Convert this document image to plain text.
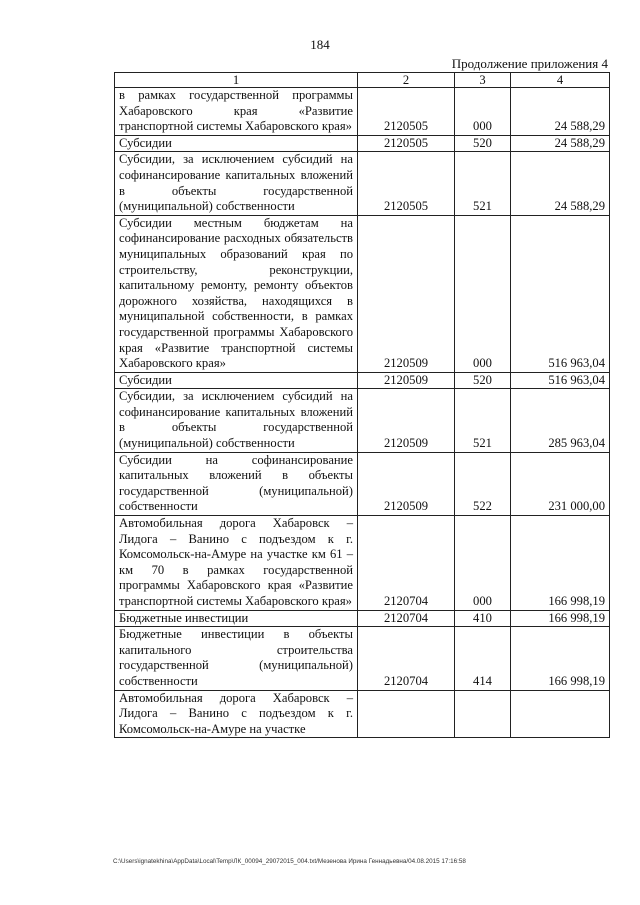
184
Продолжение приложения 4
1	2	3	4
в рамках государственной программы Хабаровского края «Развитие транспортной системы Хабаровского края»	2120505	000	24 588,29
Субсидии	2120505	520	24 588,29
Субсидии, за исключением субсидий на софинансирование капитальных вложений в объекты государственной (муниципальной) собственности	2120505	521	24 588,29
Субсидии местным бюджетам на софинансирование расходных обязательств муниципальных образований края по строительству, реконструкции, капитальному ремонту, ремонту объектов дорожного хозяйства, находящихся в муниципальной собственности, в рамках государственной программы Хабаровского края «Развитие транспортной системы Хабаровского края»	2120509	000	516 963,04
Субсидии	2120509	520	516 963,04
Субсидии, за исключением субсидий на софинансирование капитальных вложений в объекты государственной (муниципальной) собственности	2120509	521	285 963,04
Субсидии на софинансирование капитальных вложений в объекты государственной (муниципальной) собственности	2120509	522	231 000,00
Автомобильная дорога Хабаровск – Лидога – Ванино с подъездом к г. Комсомольск-на-Амуре на участке км 61 – км 70 в рамках государственной программы Хабаровского края «Развитие транспортной системы Хабаровского края»	2120704	000	166 998,19
Бюджетные инвестиции	2120704	410	166 998,19
Бюджетные инвестиции в объекты капитального строительства государственной (муниципальной) собственности	2120704	414	166 998,19
Автомобильная дорога Хабаровск – Лидога – Ванино с подъездом к г. Комсомольск-на-Амуре на участке			
C:\Users\ignatekhina\AppData\Local\Temp\ЛК_00094_29072015_004.txt/Мезенова Ирина Геннадьевна/04.08.2015 17:16:58
